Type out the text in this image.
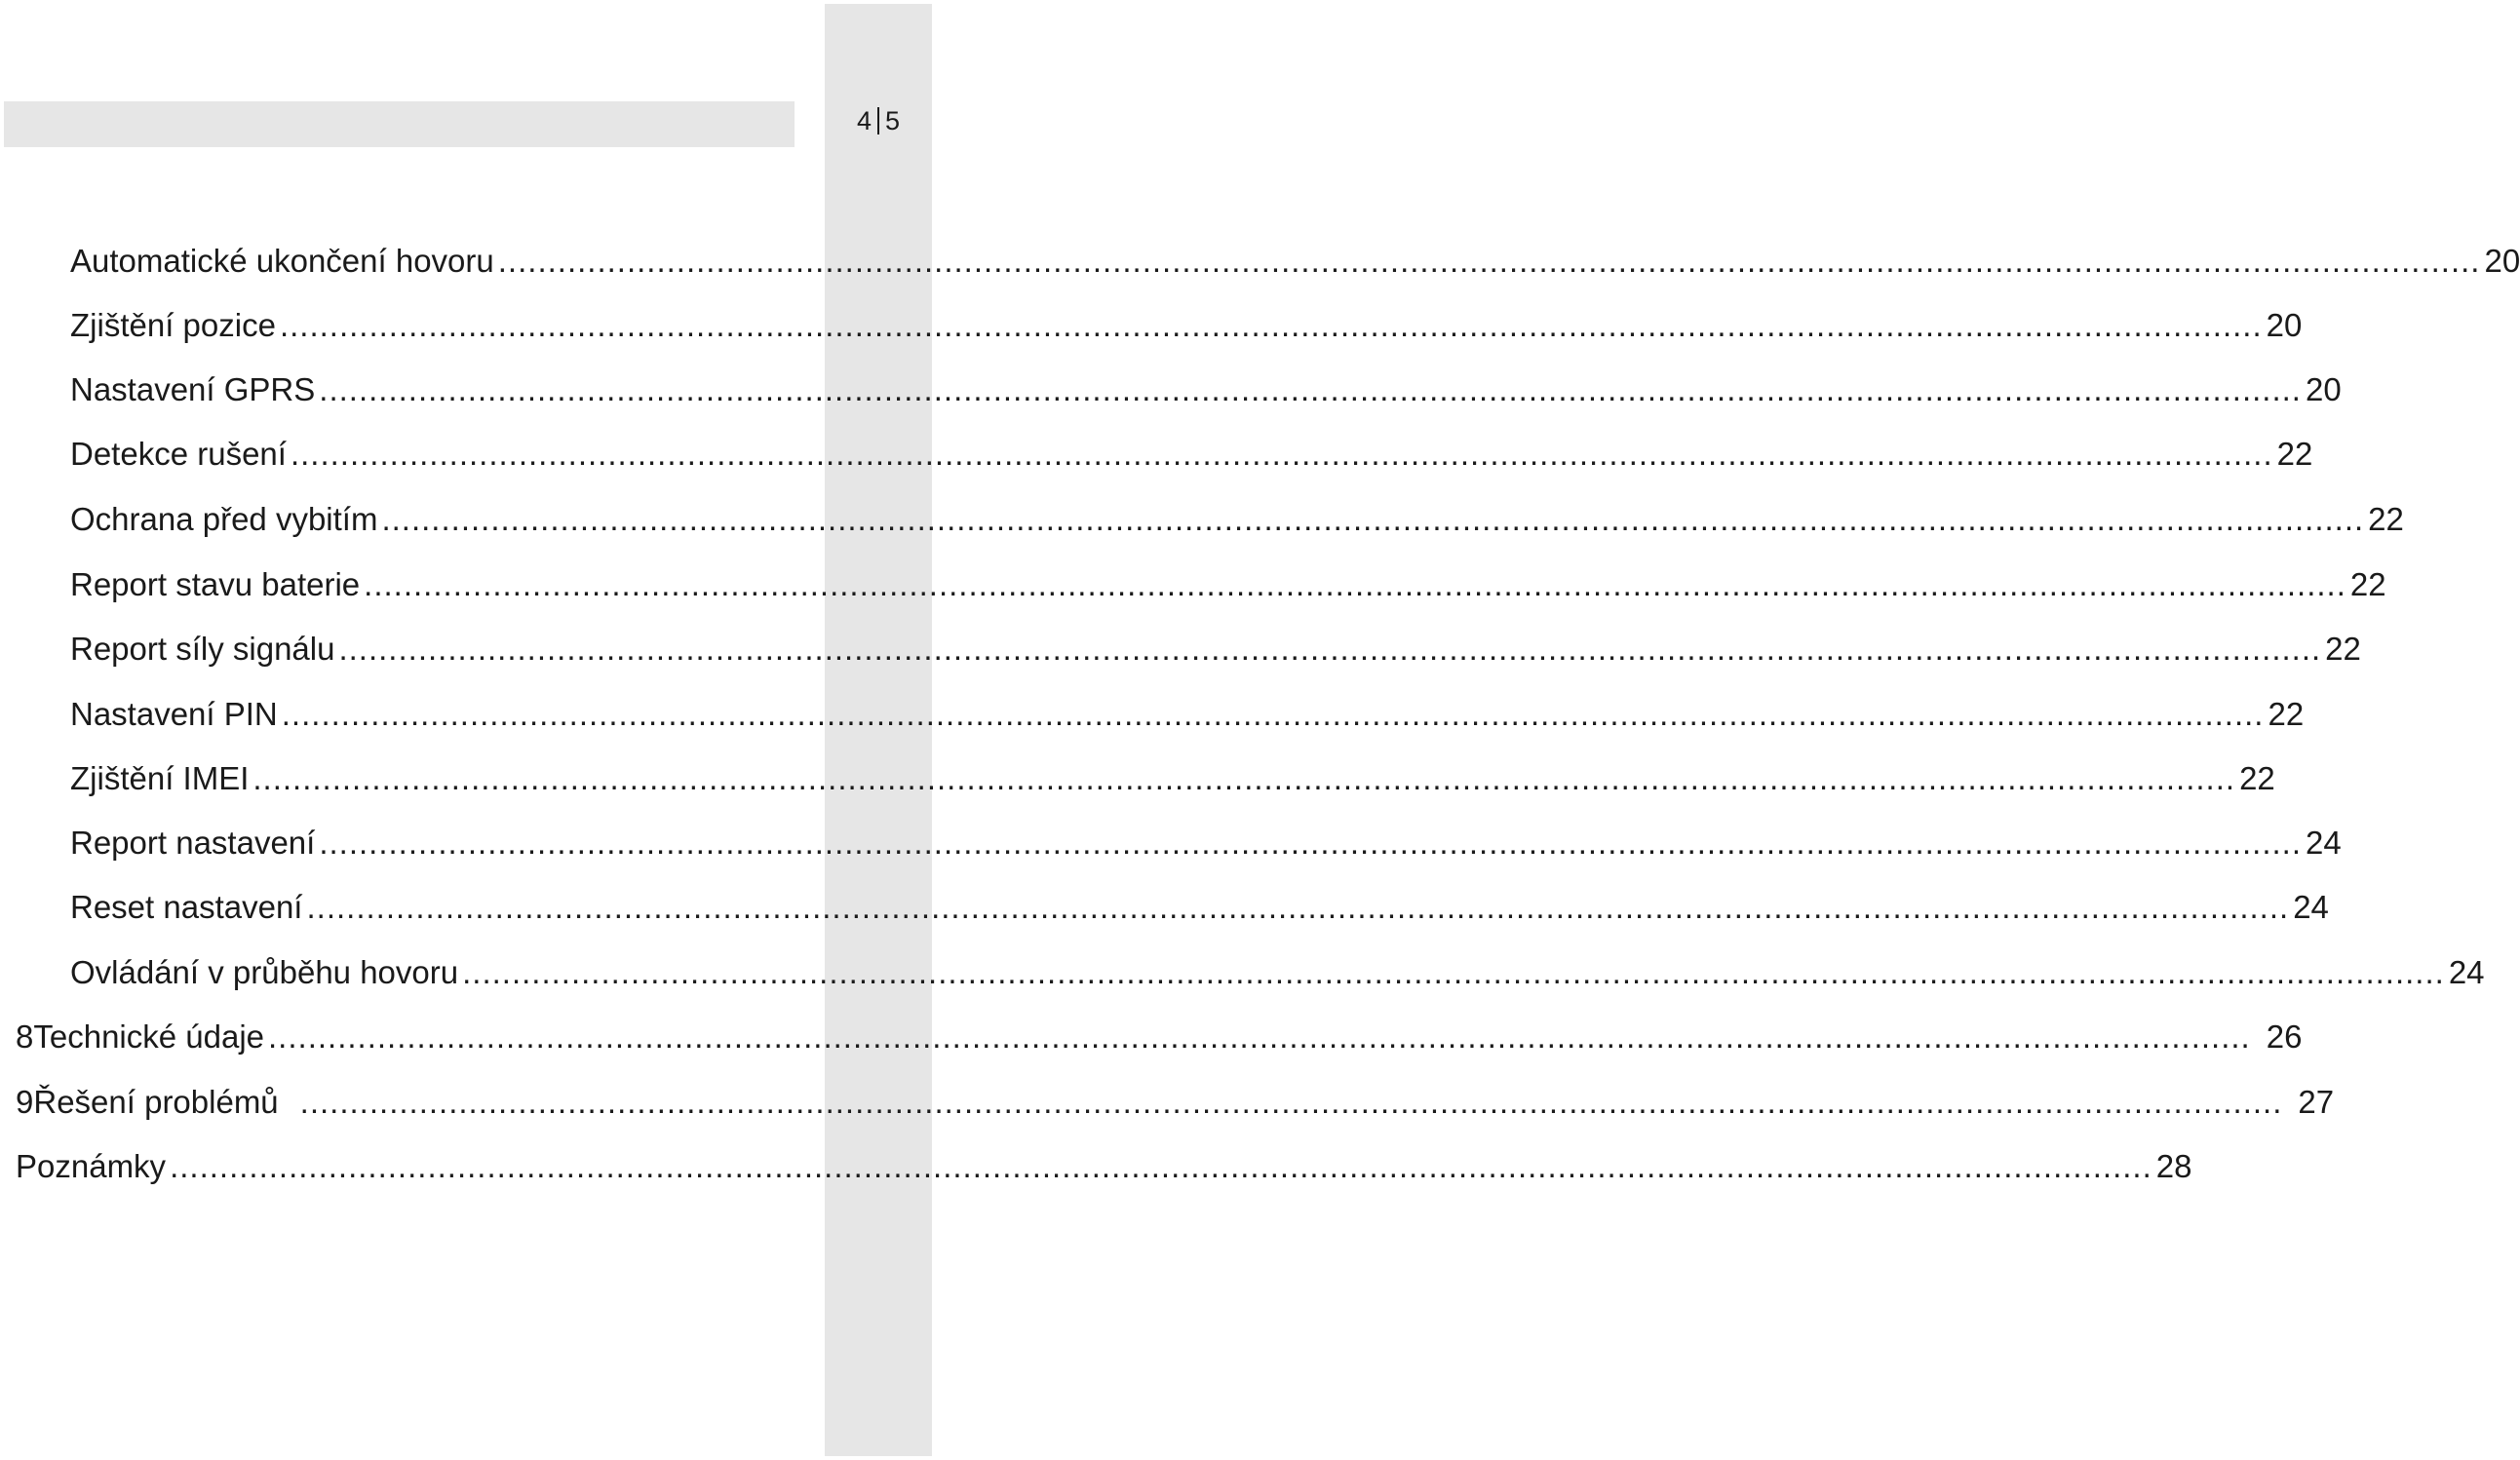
4 5
Automatické ukončení hovoru ........................................................................................................................................................................................................ 20
Zjištění pozice ........................................................................................................................................................................................................ 20
Nastavení GPRS ........................................................................................................................................................................................................ 20
Detekce rušení ........................................................................................................................................................................................................ 22
Ochrana před vybitím ........................................................................................................................................................................................................ 22
Report stavu baterie ........................................................................................................................................................................................................ 22
Report síly signálu ........................................................................................................................................................................................................ 22
Nastavení PIN ........................................................................................................................................................................................................ 22
Zjištění IMEI ........................................................................................................................................................................................................ 22
Report nastavení ........................................................................................................................................................................................................ 24
Reset nastavení ........................................................................................................................................................................................................ 24
Ovládání v průběhu hovoru ........................................................................................................................................................................................................ 24
8 Technické údaje ........................................................................................................................................................................................................ 26
9 Řešení problémů ........................................................................................................................................................................................................ 27
Poznámky ........................................................................................................................................................................................................ 28
